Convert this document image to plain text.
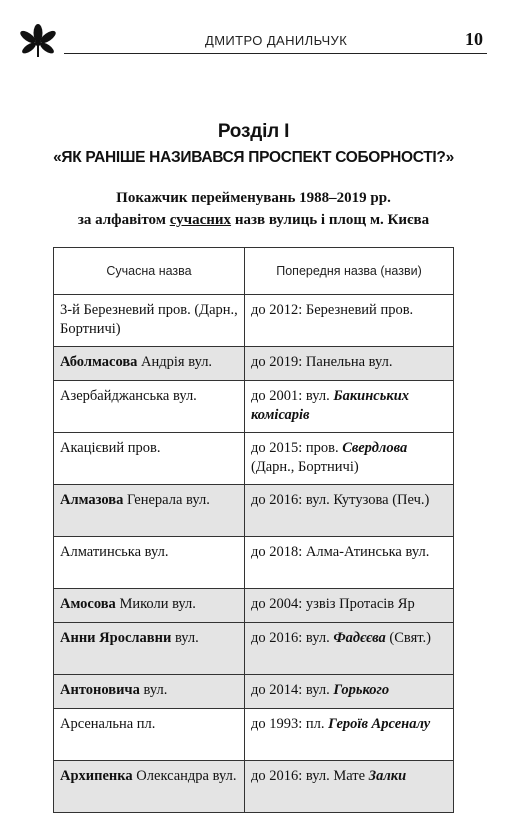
ДМИТРО ДАНИЛЬЧУК	10
Розділ І
«ЯК РАНІШЕ НАЗИВАВСЯ ПРОСПЕКТ СОБОРНОСТІ?»
Покажчик перейменувань 1988–2019 рр.
за алфавітом сучасних назв вулиць і площ м. Києва
Сучасна назва	Попередня назва (назви)
3-й Березневий пров. (Дарн., Бортничі)	до 2012: Березневий пров.
Аболмасова Андрія вул.	до 2019: Панельна вул.
Азербайджанська вул.	до 2001: вул. Бакинських комісарів
Акацієвий пров.	до 2015: пров. Свердлова (Дарн., Бортничі)
Алмазова Генерала вул.	до 2016: вул. Кутузова (Печ.)
Алматинська вул.	до 2018: Алма-Атинська вул.
Амосова Миколи вул.	до 2004: узвіз Протасів Яр
Анни Ярославни вул.	до 2016: вул. Фадєєва (Свят.)
Антоновича вул.	до 2014: вул. Горького
Арсенальна пл.	до 1993: пл. Героїв Арсеналу
Архипенка Олександра вул.	до 2016: вул. Мате Залки
